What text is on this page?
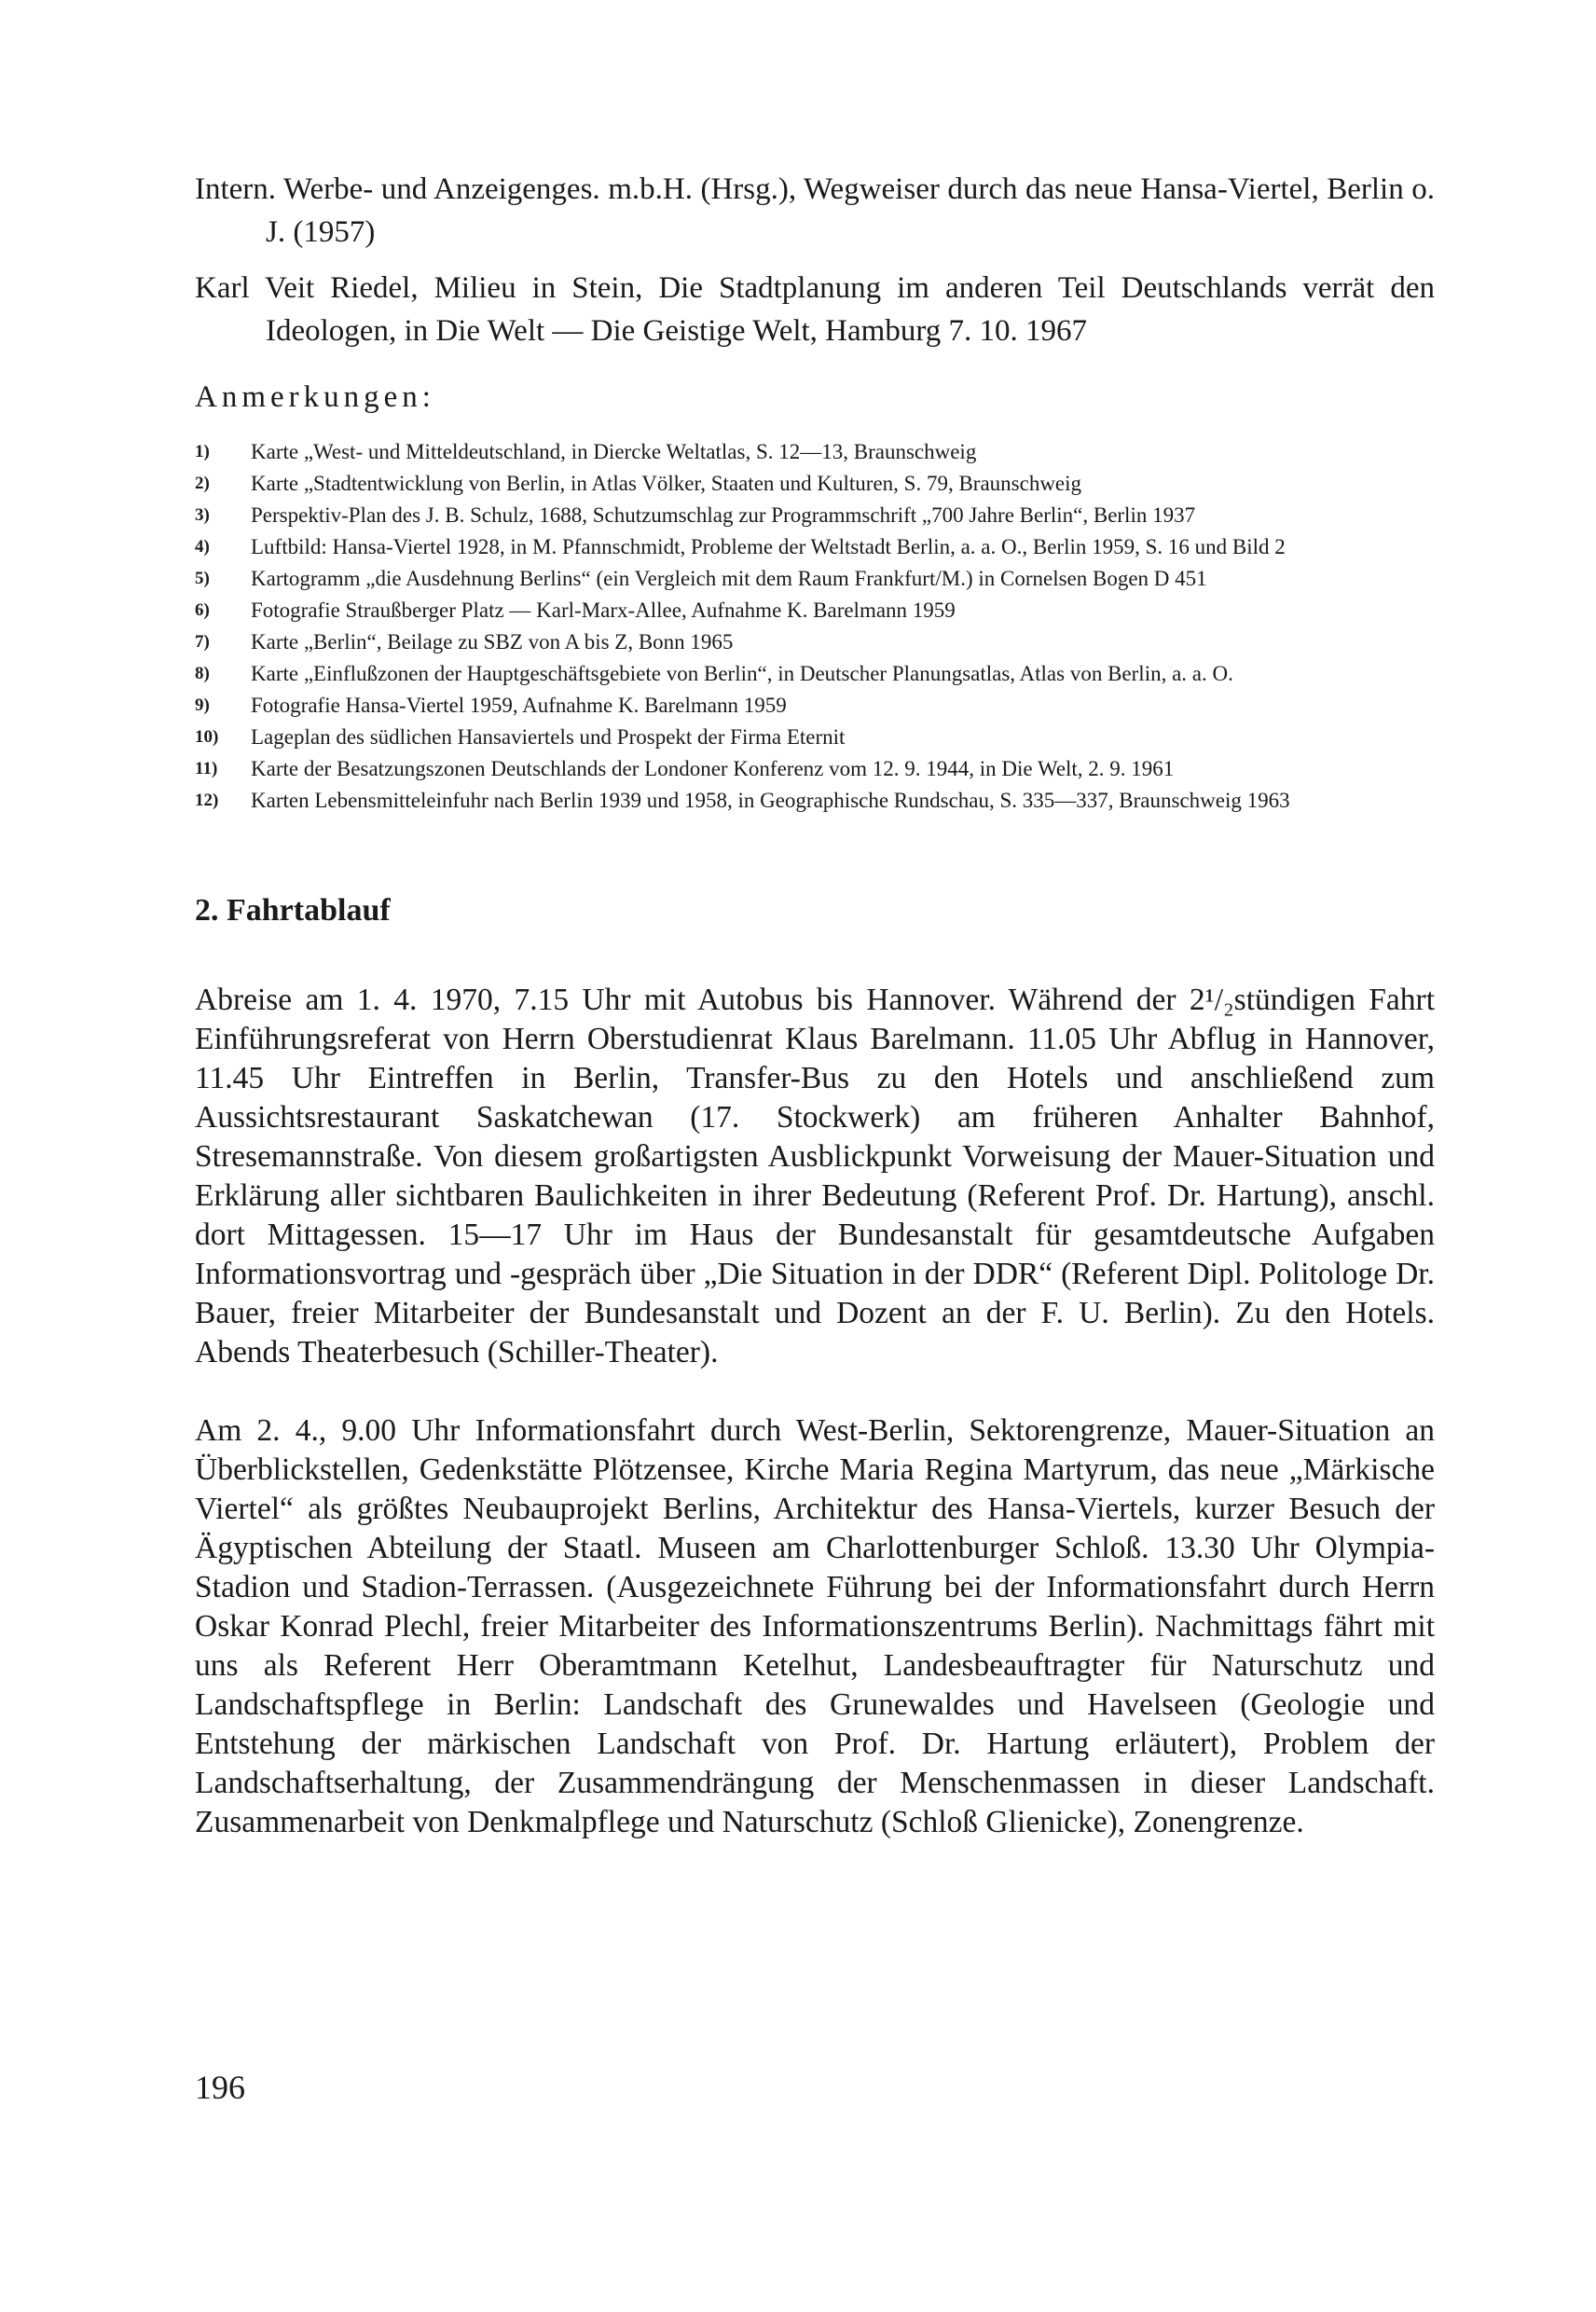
Intern. Werbe- und Anzeigenges. m.b.H. (Hrsg.), Wegweiser durch das neue Hansa-Viertel, Berlin o. J. (1957)

Karl Veit Riedel, Milieu in Stein, Die Stadtplanung im anderen Teil Deutschlands verrät den Ideologen, in Die Welt — Die Geistige Welt, Hamburg 7. 10. 1967

Anmerkungen:
1)	Karte „West- und Mitteldeutschland, in Diercke Weltatlas, S. 12—13, Braunschweig
2)	Karte „Stadtentwicklung von Berlin, in Atlas Völker, Staaten und Kulturen, S. 79, Braunschweig
3)	Perspektiv-Plan des J. B. Schulz, 1688, Schutzumschlag zur Programmschrift „700 Jahre Berlin“, Berlin 1937
4)	Luftbild: Hansa-Viertel 1928, in M. Pfannschmidt, Probleme der Weltstadt Berlin, a. a. O., Berlin 1959, S. 16 und Bild 2
5)	Kartogramm „die Ausdehnung Berlins“ (ein Vergleich mit dem Raum Frankfurt/M.) in Cornelsen Bogen D 451
6)	Fotografie Straußberger Platz — Karl-Marx-Allee, Aufnahme K. Barelmann 1959
7)	Karte „Berlin“, Beilage zu SBZ von A bis Z, Bonn 1965
8)	Karte „Einflußzonen der Hauptgeschäftsgebiete von Berlin“, in Deutscher Planungsatlas, Atlas von Berlin, a. a. O.
9)	Fotografie Hansa-Viertel 1959, Aufnahme K. Barelmann 1959
10)	Lageplan des südlichen Hansaviertels und Prospekt der Firma Eternit
11)	Karte der Besatzungszonen Deutschlands der Londoner Konferenz vom 12. 9. 1944, in Die Welt, 2. 9. 1961
12)	Karten Lebensmitteleinfuhr nach Berlin 1939 und 1958, in Geographische Rundschau, S. 335—337, Braunschweig 1963
2. Fahrtablauf

Abreise am 1. 4. 1970, 7.15 Uhr mit Autobus bis Hannover. Während der 2¹/₂stündigen Fahrt Einführungsreferat von Herrn Oberstudienrat Klaus Barelmann. 11.05 Uhr Abflug in Hannover, 11.45 Uhr Eintreffen in Berlin, Transfer-Bus zu den Hotels und anschließend zum Aussichtsrestaurant Saskatchewan (17. Stockwerk) am früheren Anhalter Bahnhof, Stresemannstraße. Von diesem großartigsten Ausblickpunkt Vorweisung der Mauer-Situation und Erklärung aller sichtbaren Baulichkeiten in ihrer Bedeutung (Referent Prof. Dr. Hartung), anschl. dort Mittagessen. 15—17 Uhr im Haus der Bundesanstalt für gesamtdeutsche Aufgaben Informationsvortrag und -gespräch über „Die Situation in der DDR“ (Referent Dipl. Politologe Dr. Bauer, freier Mitarbeiter der Bundesanstalt und Dozent an der F. U. Berlin). Zu den Hotels. Abends Theaterbesuch (Schiller-Theater).

Am 2. 4., 9.00 Uhr Informationsfahrt durch West-Berlin, Sektorengrenze, Mauer-Situation an Überblickstellen, Gedenkstätte Plötzensee, Kirche Maria Regina Martyrum, das neue „Märkische Viertel“ als größtes Neubauprojekt Berlins, Architektur des Hansa-Viertels, kurzer Besuch der Ägyptischen Abteilung der Staatl. Museen am Charlottenburger Schloß. 13.30 Uhr Olympia-Stadion und Stadion-Terrassen. (Ausgezeichnete Führung bei der Informationsfahrt durch Herrn Oskar Konrad Plechl, freier Mitarbeiter des Informationszentrums Berlin). Nachmittags fährt mit uns als Referent Herr Oberamtmann Ketelhut, Landesbeauftragter für Naturschutz und Landschaftspflege in Berlin: Landschaft des Grunewaldes und Havelseen (Geologie und Entstehung der märkischen Landschaft von Prof. Dr. Hartung erläutert), Problem der Landschaftserhaltung, der Zusammendrängung der Menschenmassen in dieser Landschaft. Zusammenarbeit von Denkmalpflege und Naturschutz (Schloß Glienicke), Zonengrenze.

196
